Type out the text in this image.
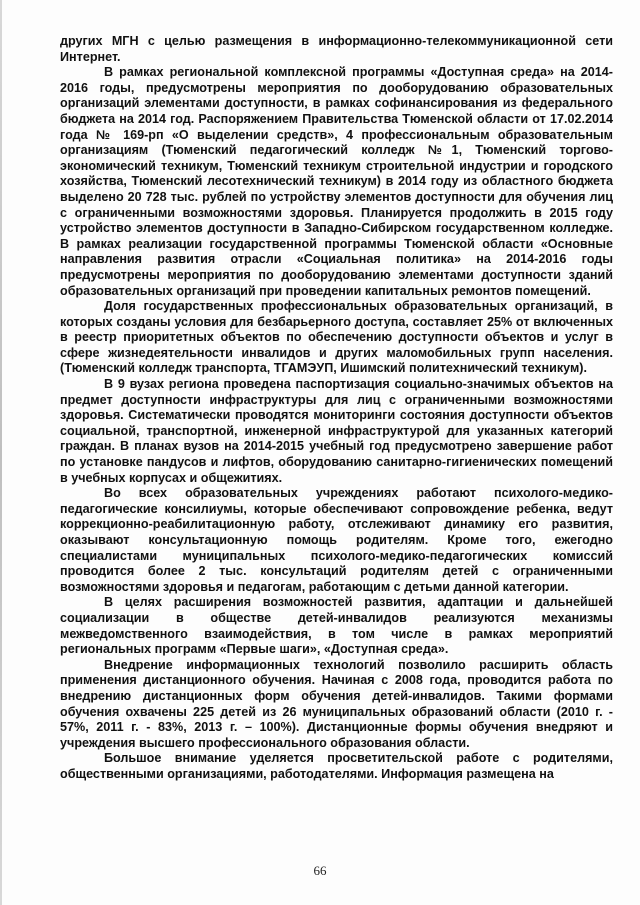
других МГН с целью размещения в информационно-телекоммуникационной сети Интернет.

В рамках региональной комплексной программы «Доступная среда» на 2014-2016 годы, предусмотрены мероприятия по дооборудованию образовательных организаций элементами доступности, в рамках софинансирования из федерального бюджета на 2014 год. Распоряжением Правительства Тюменской области от 17.02.2014 года № 169-рп «О выделении средств», 4 профессиональным образовательным организациям (Тюменский педагогический колледж №1, Тюменский торгово-экономический техникум, Тюменский техникум строительной индустрии и городского хозяйства, Тюменский лесотехнический техникум) в 2014 году из областного бюджета выделено 20 728 тыс. рублей по устройству элементов доступности для обучения лиц с ограниченными возможностями здоровья. Планируется продолжить в 2015 году устройство элементов доступности в Западно-Сибирском государственном колледже. В рамках реализации государственной программы Тюменской области «Основные направления развития отрасли «Социальная политика» на 2014-2016 годы предусмотрены мероприятия по дооборудованию элементами доступности зданий образовательных организаций при проведении капитальных ремонтов помещений.

Доля государственных профессиональных образовательных организаций, в которых созданы условия для безбарьерного доступа, составляет 25% от включенных в реестр приоритетных объектов по обеспечению доступности объектов и услуг в сфере жизнедеятельности инвалидов и других маломобильных групп населения. (Тюменский колледж транспорта, ТГАМЭУП, Ишимский политехнический техникум).

В 9 вузах региона проведена паспортизация социально-значимых объектов на предмет доступности инфраструктуры для лиц с ограниченными возможностями здоровья. Систематически проводятся мониторинги состояния доступности объектов социальной, транспортной, инженерной инфраструктурой для указанных категорий граждан. В планах вузов на 2014-2015 учебный год предусмотрено завершение работ по установке пандусов и лифтов, оборудованию санитарно-гигиенических помещений в учебных корпусах и общежитиях.

Во всех образовательных учреждениях работают психолого-медико-педагогические консилиумы, которые обеспечивают сопровождение ребенка, ведут коррекционно-реабилитационную работу, отслеживают динамику его развития, оказывают консультационную помощь родителям. Кроме того, ежегодно специалистами муниципальных психолого-медико-педагогических комиссий проводится более 2 тыс. консультаций родителям детей с ограниченными возможностями здоровья и педагогам, работающим с детьми данной категории.

В целях расширения возможностей развития, адаптации и дальнейшей социализации в обществе детей-инвалидов реализуются механизмы межведомственного взаимодействия, в том числе в рамках мероприятий региональных программ «Первые шаги», «Доступная среда».

Внедрение информационных технологий позволило расширить область применения дистанционного обучения. Начиная с 2008 года, проводится работа по внедрению дистанционных форм обучения детей-инвалидов. Такими формами обучения охвачены 225 детей из 26 муниципальных образований области (2010 г. - 57%, 2011 г. - 83%, 2013 г. – 100%). Дистанционные формы обучения внедряют и учреждения высшего профессионального образования области.

Большое внимание уделяется просветительской работе с родителями, общественными организациями, работодателями. Информация размещена на

66
